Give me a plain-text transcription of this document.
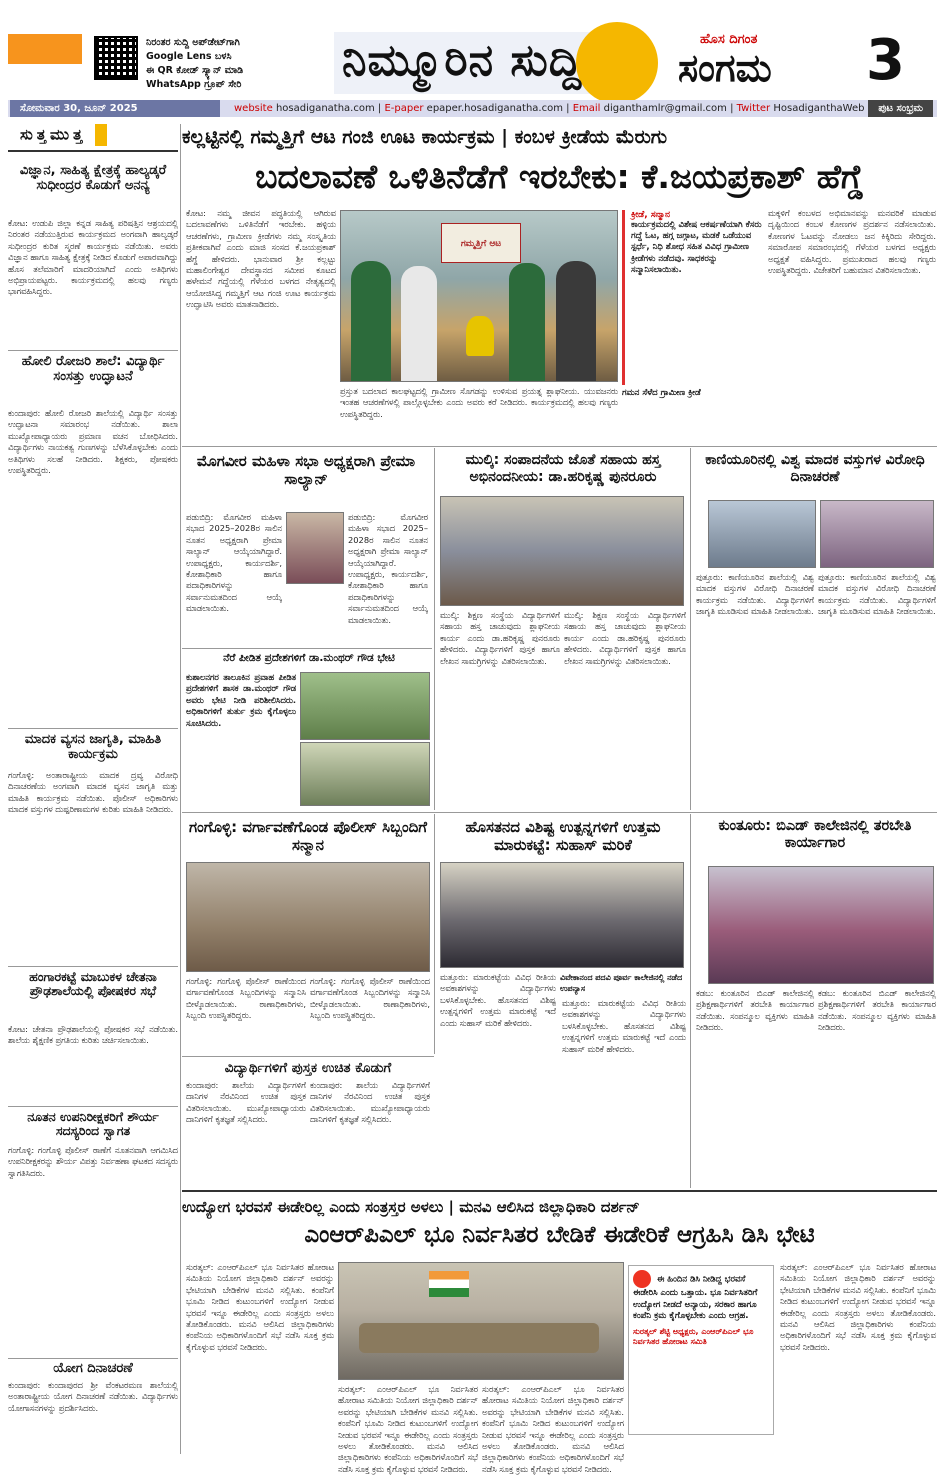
ನಿರಂತರ ಸುದ್ದಿ ಅಪ್‌ಡೇಟ್‌ಗಾಗಿ
Google Lens ಬಳಸಿ
ಈ QR ಕೋಡ್ ಸ್ಕ್ಯಾನ್ ಮಾಡಿ
WhatsApp ಗ್ರೂಪ್ ಸೇರಿ	ನಿಮ್ಮೂರಿನ ಸುದ್ದಿ	ಹೊಸ ದಿಗಂತ
ಸಂಗಮ 3
ಸೋಮವಾರ 30, ಜೂನ್ 2025	website hosadiganatha.com | E-paper epaper.hosadiganatha.com | Email diganthamlr@gmail.com | Twitter HosadiganthaWeb	ಪುಟ ಸಂಭ್ರಮ
ಸುತ್ತಮುತ್ತ
ವಿಜ್ಞಾನ, ಸಾಹಿತ್ಯ ಕ್ಷೇತ್ರಕ್ಕೆ ಹಾಲ್ಯಡ್ಕರೆ ಸುಧೀಂದ್ರರ ಕೊಡುಗೆ ಅನನ್ಯ
ಕೋಟ: ಉಡುಪಿ ಜಿಲ್ಲಾ ಕನ್ನಡ ಸಾಹಿತ್ಯ ಪರಿಷತ್ತಿನ ಆಶ್ರಯದಲ್ಲಿ ನಿರಂತರ ನಡೆಯುತ್ತಿರುವ ಕಾರ್ಯಕ್ರಮದ ಅಂಗವಾಗಿ ಹಾಲ್ಯಡ್ಕರೆ ಸುಧೀಂದ್ರರ ಕುರಿತ ಸ್ಮರಣೆ ಕಾರ್ಯಕ್ರಮ ನಡೆಯಿತು. ಅವರು ವಿಜ್ಞಾನ ಹಾಗೂ ಸಾಹಿತ್ಯ ಕ್ಷೇತ್ರಕ್ಕೆ ನೀಡಿದ ಕೊಡುಗೆ ಅಪಾರವಾಗಿದ್ದು ಹೊಸ ತಲೆಮಾರಿಗೆ ಮಾದರಿಯಾಗಿದೆ ಎಂದು ಅತಿಥಿಗಳು ಅಭಿಪ್ರಾಯಪಟ್ಟರು. ಕಾರ್ಯಕ್ರಮದಲ್ಲಿ ಹಲವು ಗಣ್ಯರು ಭಾಗವಹಿಸಿದ್ದರು.
ಹೋಲಿ ರೋಜರಿ ಶಾಲೆ: ವಿದ್ಯಾರ್ಥಿ ಸಂಸತ್ತು ಉದ್ಘಾಟನೆ
ಕುಂದಾಪುರ: ಹೋಲಿ ರೋಜರಿ ಶಾಲೆಯಲ್ಲಿ ವಿದ್ಯಾರ್ಥಿ ಸಂಸತ್ತು ಉದ್ಘಾಟನಾ ಸಮಾರಂಭ ನಡೆಯಿತು. ಶಾಲಾ ಮುಖ್ಯೋಪಾಧ್ಯಾಯರು ಪ್ರಮಾಣ ವಚನ ಬೋಧಿಸಿದರು. ವಿದ್ಯಾರ್ಥಿಗಳು ನಾಯಕತ್ವ ಗುಣಗಳನ್ನು ಬೆಳೆಸಿಕೊಳ್ಳಬೇಕು ಎಂದು ಅತಿಥಿಗಳು ಸಲಹೆ ನೀಡಿದರು. ಶಿಕ್ಷಕರು, ಪೋಷಕರು ಉಪಸ್ಥಿತರಿದ್ದರು.
ಮಾದಕ ವ್ಯಸನ ಜಾಗೃತಿ, ಮಾಹಿತಿ ಕಾರ್ಯಕ್ರಮ
ಗಂಗೊಳ್ಳಿ: ಅಂತಾರಾಷ್ಟ್ರೀಯ ಮಾದಕ ದ್ರವ್ಯ ವಿರೋಧಿ ದಿನಾಚರಣೆಯ ಅಂಗವಾಗಿ ಮಾದಕ ವ್ಯಸನ ಜಾಗೃತಿ ಮತ್ತು ಮಾಹಿತಿ ಕಾರ್ಯಕ್ರಮ ನಡೆಯಿತು. ಪೊಲೀಸ್ ಅಧಿಕಾರಿಗಳು ಮಾದಕ ವಸ್ತುಗಳ ದುಷ್ಪರಿಣಾಮಗಳ ಕುರಿತು ಮಾಹಿತಿ ನೀಡಿದರು.
ಹಂಗಾರಕಟ್ಟೆ ಮಾಬುಕಳ ಚೇತನಾ ಪ್ರೌಢಶಾಲೆಯಲ್ಲಿ ಪೋಷಕರ ಸಭೆ
ಕೋಟ: ಚೇತನಾ ಪ್ರೌಢಶಾಲೆಯಲ್ಲಿ ಪೋಷಕರ ಸಭೆ ನಡೆಯಿತು. ಶಾಲೆಯ ಶೈಕ್ಷಣಿಕ ಪ್ರಗತಿಯ ಕುರಿತು ಚರ್ಚಿಸಲಾಯಿತು.
ನೂತನ ಉಪನಿರೀಕ್ಷಕರಿಗೆ ಶೌರ್ಯ ಸದಸ್ಯರಿಂದ ಸ್ವಾಗತ
ಗಂಗೊಳ್ಳಿ: ಗಂಗೊಳ್ಳಿ ಪೊಲೀಸ್ ಠಾಣೆಗೆ ನೂತನವಾಗಿ ಆಗಮಿಸಿದ ಉಪನಿರೀಕ್ಷಕರನ್ನು ಶೌರ್ಯ ವಿಪತ್ತು ನಿರ್ವಹಣಾ ಘಟಕದ ಸದಸ್ಯರು ಸ್ವಾಗತಿಸಿದರು.
ಯೋಗ ದಿನಾಚರಣೆ
ಕುಂದಾಪುರ: ಕುಂದಾಪುರದ ಶ್ರೀ ವೆಂಕಟರಮಣ ಶಾಲೆಯಲ್ಲಿ ಅಂತಾರಾಷ್ಟ್ರೀಯ ಯೋಗ ದಿನಾಚರಣೆ ನಡೆಯಿತು. ವಿದ್ಯಾರ್ಥಿಗಳು ಯೋಗಾಸನಗಳನ್ನು ಪ್ರದರ್ಶಿಸಿದರು.
ಕಲ್ಲಟ್ಟಿನಲ್ಲಿ ಗಮ್ಮತ್ತಿಗೆ ಆಟ ಗಂಜಿ ಊಟ ಕಾರ್ಯಕ್ರಮ | ಕಂಬಳ ಕ್ರೀಡೆಯ ಮೆರುಗು
ಬದಲಾವಣೆ ಒಳಿತಿನೆಡೆಗೆ ಇರಬೇಕು: ಕೆ.ಜಯಪ್ರಕಾಶ್ ಹೆಗ್ಡೆ
ಕೋಟ: ನಮ್ಮ ಜೀವನ ಪದ್ಧತಿಯಲ್ಲಿ ಆಗಿರುವ ಬದಲಾವಣೆಗಳು ಒಳಿತಿನೆಡೆಗೆ ಇರಬೇಕು. ಹಳ್ಳಿಯ ಆಚರಣೆಗಳು, ಗ್ರಾಮೀಣ ಕ್ರೀಡೆಗಳು ನಮ್ಮ ಸಂಸ್ಕೃತಿಯ ಪ್ರತೀಕವಾಗಿವೆ ಎಂದು ಮಾಜಿ ಸಂಸದ ಕೆ.ಜಯಪ್ರಕಾಶ್ ಹೆಗ್ಡೆ ಹೇಳಿದರು. ಭಾನುವಾರ ಶ್ರೀ ಕಲ್ಲಟ್ಟು ಮಹಾಲಿಂಗೇಶ್ವರ ದೇವಸ್ಥಾನದ ಸಮೀಪ ಕೂಟದ ಹಳೇಮನೆ ಗದ್ದೆಯಲ್ಲಿ ಗೆಳೆಯರ ಬಳಗದ ನೇತೃತ್ವದಲ್ಲಿ ಆಯೋಜಿಸಿದ್ದ ಗಮ್ಮತ್ತಿಗೆ ಆಟ ಗಂಜಿ ಊಟ ಕಾರ್ಯಕ್ರಮ ಉದ್ಘಾಟಿಸಿ ಅವರು ಮಾತನಾಡಿದರು.
ಗಮ್ಮತ್ತಿಗೆ ಆಟ
ಕ್ರೀಡೆ, ಸನ್ಮಾನ
ಕಾರ್ಯಕ್ರಮದಲ್ಲಿ ವಿಶೇಷ ಆಕರ್ಷಣೆಯಾಗಿ ಕೆಸರು ಗದ್ದೆ ಓಟ, ಹಗ್ಗ ಜಗ್ಗಾಟ, ಮಡಕೆ ಒಡೆಯುವ ಸ್ಪರ್ಧೆ, ನಿಧಿ ಶೋಧ ಸಹಿತ ವಿವಿಧ ಗ್ರಾಮೀಣ ಕ್ರೀಡೆಗಳು ನಡೆದವು. ಸಾಧಕರನ್ನು ಸನ್ಮಾನಿಸಲಾಯಿತು.
ಪ್ರಸ್ತುತ ಬದಲಾದ ಕಾಲಘಟ್ಟದಲ್ಲಿ ಗ್ರಾಮೀಣ ಸೊಗಡನ್ನು ಉಳಿಸುವ ಪ್ರಯತ್ನ ಶ್ಲಾಘನೀಯ. ಯುವಜನರು ಇಂತಹ ಆಚರಣೆಗಳಲ್ಲಿ ಪಾಲ್ಗೊಳ್ಳಬೇಕು ಎಂದು ಅವರು ಕರೆ ನೀಡಿದರು. ಕಾರ್ಯಕ್ರಮದಲ್ಲಿ ಹಲವು ಗಣ್ಯರು ಉಪಸ್ಥಿತರಿದ್ದರು.
ಗಮನ ಸೆಳೆದ ಗ್ರಾಮೀಣ ಕ್ರೀಡೆ
ಮಕ್ಕಳಿಗೆ ಕಂಬಳದ ಅಭಿಮಾನವನ್ನು ಮನವರಿಕೆ ಮಾಡುವ ದೃಷ್ಟಿಯಿಂದ ಕಂಬಳ ಕೋಣಗಳ ಪ್ರದರ್ಶನ ನಡೆಸಲಾಯಿತು. ಕೋಣಗಳ ಓಟವನ್ನು ನೋಡಲು ಜನ ಕಿಕ್ಕಿರಿದು ಸೇರಿದ್ದರು. ಸಮಾರೋಪ ಸಮಾರಂಭದಲ್ಲಿ ಗೆಳೆಯರ ಬಳಗದ ಅಧ್ಯಕ್ಷರು ಅಧ್ಯಕ್ಷತೆ ವಹಿಸಿದ್ದರು. ಪ್ರಮುಖರಾದ ಹಲವು ಗಣ್ಯರು ಉಪಸ್ಥಿತರಿದ್ದರು. ವಿಜೇತರಿಗೆ ಬಹುಮಾನ ವಿತರಿಸಲಾಯಿತು.
ಮೊಗವೀರ ಮಹಿಳಾ ಸಭಾ ಅಧ್ಯಕ್ಷರಾಗಿ ಪ್ರೇಮಾ ಸಾಲ್ಯಾನ್
ಪಡುಬಿದ್ರಿ: ಮೊಗವೀರ ಮಹಿಳಾ ಸಭಾದ 2025–2028ರ ಸಾಲಿನ ನೂತನ ಅಧ್ಯಕ್ಷರಾಗಿ ಪ್ರೇಮಾ ಸಾಲ್ಯಾನ್ ಆಯ್ಕೆಯಾಗಿದ್ದಾರೆ. ಉಪಾಧ್ಯಕ್ಷರು, ಕಾರ್ಯದರ್ಶಿ, ಕೋಶಾಧಿಕಾರಿ ಹಾಗೂ ಪದಾಧಿಕಾರಿಗಳನ್ನು ಸರ್ವಾನುಮತದಿಂದ ಆಯ್ಕೆ ಮಾಡಲಾಯಿತು.
ಪಡುಬಿದ್ರಿ: ಮೊಗವೀರ ಮಹಿಳಾ ಸಭಾದ 2025–2028ರ ಸಾಲಿನ ನೂತನ ಅಧ್ಯಕ್ಷರಾಗಿ ಪ್ರೇಮಾ ಸಾಲ್ಯಾನ್ ಆಯ್ಕೆಯಾಗಿದ್ದಾರೆ. ಉಪಾಧ್ಯಕ್ಷರು, ಕಾರ್ಯದರ್ಶಿ, ಕೋಶಾಧಿಕಾರಿ ಹಾಗೂ ಪದಾಧಿಕಾರಿಗಳನ್ನು ಸರ್ವಾನುಮತದಿಂದ ಆಯ್ಕೆ ಮಾಡಲಾಯಿತು.
ನೆರೆ ಪೀಡಿತ ಪ್ರದೇಶಗಳಿಗೆ ಡಾ.ಮಂಥರ್ ಗೌಡ ಭೇಟಿ
ಕುಶಾಲನಗರ ತಾಲೂಕಿನ ಪ್ರವಾಹ ಪೀಡಿತ ಪ್ರದೇಶಗಳಿಗೆ ಶಾಸಕ ಡಾ.ಮಂಥರ್ ಗೌಡ ಅವರು ಭೇಟಿ ನೀಡಿ ಪರಿಶೀಲಿಸಿದರು. ಅಧಿಕಾರಿಗಳಿಗೆ ತುರ್ತು ಕ್ರಮ ಕೈಗೊಳ್ಳಲು ಸೂಚಿಸಿದರು.
ಮುಲ್ಕಿ: ಸಂಪಾದನೆಯ ಜೊತೆ ಸಹಾಯ ಹಸ್ತ ಅಭಿನಂದನೀಯ: ಡಾ.ಹರಿಕೃಷ್ಣ ಪುನರೂರು
ಮುಲ್ಕಿ: ಶಿಕ್ಷಣ ಸಂಸ್ಥೆಯ ವಿದ್ಯಾರ್ಥಿಗಳಿಗೆ ಸಹಾಯ ಹಸ್ತ ಚಾಚುವುದು ಶ್ಲಾಘನೀಯ ಕಾರ್ಯ ಎಂದು ಡಾ.ಹರಿಕೃಷ್ಣ ಪುನರೂರು ಹೇಳಿದರು. ವಿದ್ಯಾರ್ಥಿಗಳಿಗೆ ಪುಸ್ತಕ ಹಾಗೂ ಲೇಖನ ಸಾಮಗ್ರಿಗಳನ್ನು ವಿತರಿಸಲಾಯಿತು.
ಮುಲ್ಕಿ: ಶಿಕ್ಷಣ ಸಂಸ್ಥೆಯ ವಿದ್ಯಾರ್ಥಿಗಳಿಗೆ ಸಹಾಯ ಹಸ್ತ ಚಾಚುವುದು ಶ್ಲಾಘನೀಯ ಕಾರ್ಯ ಎಂದು ಡಾ.ಹರಿಕೃಷ್ಣ ಪುನರೂರು ಹೇಳಿದರು. ವಿದ್ಯಾರ್ಥಿಗಳಿಗೆ ಪುಸ್ತಕ ಹಾಗೂ ಲೇಖನ ಸಾಮಗ್ರಿಗಳನ್ನು ವಿತರಿಸಲಾಯಿತು.
ಕಾಣಿಯೂರಿನಲ್ಲಿ ವಿಶ್ವ ಮಾದಕ ವಸ್ತುಗಳ ವಿರೋಧಿ ದಿನಾಚರಣೆ
ಪುತ್ತೂರು: ಕಾಣಿಯೂರಿನ ಶಾಲೆಯಲ್ಲಿ ವಿಶ್ವ ಮಾದಕ ವಸ್ತುಗಳ ವಿರೋಧಿ ದಿನಾಚರಣೆ ಕಾರ್ಯಕ್ರಮ ನಡೆಯಿತು. ವಿದ್ಯಾರ್ಥಿಗಳಿಗೆ ಜಾಗೃತಿ ಮೂಡಿಸುವ ಮಾಹಿತಿ ನೀಡಲಾಯಿತು.
ಪುತ್ತೂರು: ಕಾಣಿಯೂರಿನ ಶಾಲೆಯಲ್ಲಿ ವಿಶ್ವ ಮಾದಕ ವಸ್ತುಗಳ ವಿರೋಧಿ ದಿನಾಚರಣೆ ಕಾರ್ಯಕ್ರಮ ನಡೆಯಿತು. ವಿದ್ಯಾರ್ಥಿಗಳಿಗೆ ಜಾಗೃತಿ ಮೂಡಿಸುವ ಮಾಹಿತಿ ನೀಡಲಾಯಿತು.
ಗಂಗೊಳ್ಳಿ: ವರ್ಗಾವಣೆಗೊಂಡ ಪೊಲೀಸ್ ಸಿಬ್ಬಂದಿಗೆ ಸನ್ಮಾನ
ಗಂಗೊಳ್ಳಿ: ಗಂಗೊಳ್ಳಿ ಪೊಲೀಸ್ ಠಾಣೆಯಿಂದ ವರ್ಗಾವಣೆಗೊಂಡ ಸಿಬ್ಬಂದಿಗಳನ್ನು ಸನ್ಮಾನಿಸಿ ಬೀಳ್ಕೊಡಲಾಯಿತು. ಠಾಣಾಧಿಕಾರಿಗಳು, ಸಿಬ್ಬಂದಿ ಉಪಸ್ಥಿತರಿದ್ದರು.
ಗಂಗೊಳ್ಳಿ: ಗಂಗೊಳ್ಳಿ ಪೊಲೀಸ್ ಠಾಣೆಯಿಂದ ವರ್ಗಾವಣೆಗೊಂಡ ಸಿಬ್ಬಂದಿಗಳನ್ನು ಸನ್ಮಾನಿಸಿ ಬೀಳ್ಕೊಡಲಾಯಿತು. ಠಾಣಾಧಿಕಾರಿಗಳು, ಸಿಬ್ಬಂದಿ ಉಪಸ್ಥಿತರಿದ್ದರು.
ಹೊಸತನದ ವಿಶಿಷ್ಟ ಉತ್ಪನ್ನಗಳಿಗೆ ಉತ್ತಮ ಮಾರುಕಟ್ಟೆ: ಸುಹಾಸ್ ಮರಿಕೆ
ವಿವೇಕಾನಂದ ಪದವಿ ಪೂರ್ವ ಕಾಲೇಜಿನಲ್ಲಿ ನಡೆದ ಉಪನ್ಯಾಸ
ಮತ್ತೂರು: ಮಾರುಕಟ್ಟೆಯ ವಿವಿಧ ರೀತಿಯ ಅವಕಾಶಗಳನ್ನು ವಿದ್ಯಾರ್ಥಿಗಳು ಬಳಸಿಕೊಳ್ಳಬೇಕು. ಹೊಸತನದ ವಿಶಿಷ್ಟ ಉತ್ಪನ್ನಗಳಿಗೆ ಉತ್ತಮ ಮಾರುಕಟ್ಟೆ ಇದೆ ಎಂದು ಸುಹಾಸ್ ಮರಿಕೆ ಹೇಳಿದರು.
ಮತ್ತೂರು: ಮಾರುಕಟ್ಟೆಯ ವಿವಿಧ ರೀತಿಯ ಅವಕಾಶಗಳನ್ನು ವಿದ್ಯಾರ್ಥಿಗಳು ಬಳಸಿಕೊಳ್ಳಬೇಕು. ಹೊಸತನದ ವಿಶಿಷ್ಟ ಉತ್ಪನ್ನಗಳಿಗೆ ಉತ್ತಮ ಮಾರುಕಟ್ಟೆ ಇದೆ ಎಂದು ಸುಹಾಸ್ ಮರಿಕೆ ಹೇಳಿದರು.
ಕುಂತೂರು: ಬಿಎಡ್ ಕಾಲೇಜಿನಲ್ಲಿ ತರಬೇತಿ ಕಾರ್ಯಾಗಾರ
ಕಡಬ: ಕುಂತೂರಿನ ಬಿಎಡ್ ಕಾಲೇಜಿನಲ್ಲಿ ಪ್ರಶಿಕ್ಷಣಾರ್ಥಿಗಳಿಗೆ ತರಬೇತಿ ಕಾರ್ಯಾಗಾರ ನಡೆಯಿತು. ಸಂಪನ್ಮೂಲ ವ್ಯಕ್ತಿಗಳು ಮಾಹಿತಿ ನೀಡಿದರು.
ಕಡಬ: ಕುಂತೂರಿನ ಬಿಎಡ್ ಕಾಲೇಜಿನಲ್ಲಿ ಪ್ರಶಿಕ್ಷಣಾರ್ಥಿಗಳಿಗೆ ತರಬೇತಿ ಕಾರ್ಯಾಗಾರ ನಡೆಯಿತು. ಸಂಪನ್ಮೂಲ ವ್ಯಕ್ತಿಗಳು ಮಾಹಿತಿ ನೀಡಿದರು.
ವಿದ್ಯಾರ್ಥಿಗಳಿಗೆ ಪುಸ್ತಕ ಉಚಿತ ಕೊಡುಗೆ
ಕುಂದಾಪುರ: ಶಾಲೆಯ ವಿದ್ಯಾರ್ಥಿಗಳಿಗೆ ದಾನಿಗಳ ನೆರವಿನಿಂದ ಉಚಿತ ಪುಸ್ತಕ ವಿತರಿಸಲಾಯಿತು. ಮುಖ್ಯೋಪಾಧ್ಯಾಯರು ದಾನಿಗಳಿಗೆ ಕೃತಜ್ಞತೆ ಸಲ್ಲಿಸಿದರು.
ಕುಂದಾಪುರ: ಶಾಲೆಯ ವಿದ್ಯಾರ್ಥಿಗಳಿಗೆ ದಾನಿಗಳ ನೆರವಿನಿಂದ ಉಚಿತ ಪುಸ್ತಕ ವಿತರಿಸಲಾಯಿತು. ಮುಖ್ಯೋಪಾಧ್ಯಾಯರು ದಾನಿಗಳಿಗೆ ಕೃತಜ್ಞತೆ ಸಲ್ಲಿಸಿದರು.
ಉದ್ಯೋಗ ಭರವಸೆ ಈಡೇರಿಲ್ಲ ಎಂದು ಸಂತ್ರಸ್ತರ ಅಳಲು | ಮನವಿ ಆಲಿಸಿದ ಜಿಲ್ಲಾಧಿಕಾರಿ ದರ್ಶನ್
ಎಂಆರ್‌ಪಿಎಲ್ ಭೂ ನಿರ್ವಸಿತರ ಬೇಡಿಕೆ ಈಡೇರಿಕೆ ಆಗ್ರಹಿಸಿ ಡಿಸಿ ಭೇಟಿ
ಸುರತ್ಕಲ್: ಎಂಆರ್‌ಪಿಎಲ್ ಭೂ ನಿರ್ವಸಿತರ ಹೋರಾಟ ಸಮಿತಿಯ ನಿಯೋಗ ಜಿಲ್ಲಾಧಿಕಾರಿ ದರ್ಶನ್ ಅವರನ್ನು ಭೇಟಿಯಾಗಿ ಬೇಡಿಕೆಗಳ ಮನವಿ ಸಲ್ಲಿಸಿತು. ಕಂಪೆನಿಗೆ ಭೂಮಿ ನೀಡಿದ ಕುಟುಂಬಗಳಿಗೆ ಉದ್ಯೋಗ ನೀಡುವ ಭರವಸೆ ಇನ್ನೂ ಈಡೇರಿಲ್ಲ ಎಂದು ಸಂತ್ರಸ್ತರು ಅಳಲು ತೋಡಿಕೊಂಡರು. ಮನವಿ ಆಲಿಸಿದ ಜಿಲ್ಲಾಧಿಕಾರಿಗಳು ಕಂಪೆನಿಯ ಅಧಿಕಾರಿಗಳೊಂದಿಗೆ ಸಭೆ ನಡೆಸಿ ಸೂಕ್ತ ಕ್ರಮ ಕೈಗೊಳ್ಳುವ ಭರವಸೆ ನೀಡಿದರು.
ಸುರತ್ಕಲ್: ಎಂಆರ್‌ಪಿಎಲ್ ಭೂ ನಿರ್ವಸಿತರ ಹೋರಾಟ ಸಮಿತಿಯ ನಿಯೋಗ ಜಿಲ್ಲಾಧಿಕಾರಿ ದರ್ಶನ್ ಅವರನ್ನು ಭೇಟಿಯಾಗಿ ಬೇಡಿಕೆಗಳ ಮನವಿ ಸಲ್ಲಿಸಿತು. ಕಂಪೆನಿಗೆ ಭೂಮಿ ನೀಡಿದ ಕುಟುಂಬಗಳಿಗೆ ಉದ್ಯೋಗ ನೀಡುವ ಭರವಸೆ ಇನ್ನೂ ಈಡೇರಿಲ್ಲ ಎಂದು ಸಂತ್ರಸ್ತರು ಅಳಲು ತೋಡಿಕೊಂಡರು. ಮನವಿ ಆಲಿಸಿದ ಜಿಲ್ಲಾಧಿಕಾರಿಗಳು ಕಂಪೆನಿಯ ಅಧಿಕಾರಿಗಳೊಂದಿಗೆ ಸಭೆ ನಡೆಸಿ ಸೂಕ್ತ ಕ್ರಮ ಕೈಗೊಳ್ಳುವ ಭರವಸೆ ನೀಡಿದರು.
ಸುರತ್ಕಲ್: ಎಂಆರ್‌ಪಿಎಲ್ ಭೂ ನಿರ್ವಸಿತರ ಹೋರಾಟ ಸಮಿತಿಯ ನಿಯೋಗ ಜಿಲ್ಲಾಧಿಕಾರಿ ದರ್ಶನ್ ಅವರನ್ನು ಭೇಟಿಯಾಗಿ ಬೇಡಿಕೆಗಳ ಮನವಿ ಸಲ್ಲಿಸಿತು. ಕಂಪೆನಿಗೆ ಭೂಮಿ ನೀಡಿದ ಕುಟುಂಬಗಳಿಗೆ ಉದ್ಯೋಗ ನೀಡುವ ಭರವಸೆ ಇನ್ನೂ ಈಡೇರಿಲ್ಲ ಎಂದು ಸಂತ್ರಸ್ತರು ಅಳಲು ತೋಡಿಕೊಂಡರು. ಮನವಿ ಆಲಿಸಿದ ಜಿಲ್ಲಾಧಿಕಾರಿಗಳು ಕಂಪೆನಿಯ ಅಧಿಕಾರಿಗಳೊಂದಿಗೆ ಸಭೆ ನಡೆಸಿ ಸೂಕ್ತ ಕ್ರಮ ಕೈಗೊಳ್ಳುವ ಭರವಸೆ ನೀಡಿದರು.
ಈ ಹಿಂದಿನ ಡಿಸಿ ನೀಡಿದ್ದ ಭರವಸೆ ಈಡೇರಿಸಿ ಎಂದು ಒತ್ತಾಯ. ಭೂ ನಿರ್ವಸಿತರಿಗೆ ಉದ್ಯೋಗ ನೀಡದೆ ಅನ್ಯಾಯ, ಸರಕಾರ ಹಾಗೂ ಕಂಪೆನಿ ಕ್ರಮ ಕೈಗೊಳ್ಳಬೇಕು ಎಂದು ಆಗ್ರಹ.
ಸುರತ್ಕಲ್ ಶೆಟ್ಟಿ ಅಧ್ಯಕ್ಷರು, ಎಂಆರ್‌ಪಿಎಲ್ ಭೂ ನಿರ್ವಸಿತರ ಹೋರಾಟ ಸಮಿತಿ
ಸುರತ್ಕಲ್: ಎಂಆರ್‌ಪಿಎಲ್ ಭೂ ನಿರ್ವಸಿತರ ಹೋರಾಟ ಸಮಿತಿಯ ನಿಯೋಗ ಜಿಲ್ಲಾಧಿಕಾರಿ ದರ್ಶನ್ ಅವರನ್ನು ಭೇಟಿಯಾಗಿ ಬೇಡಿಕೆಗಳ ಮನವಿ ಸಲ್ಲಿಸಿತು. ಕಂಪೆನಿಗೆ ಭೂಮಿ ನೀಡಿದ ಕುಟುಂಬಗಳಿಗೆ ಉದ್ಯೋಗ ನೀಡುವ ಭರವಸೆ ಇನ್ನೂ ಈಡೇರಿಲ್ಲ ಎಂದು ಸಂತ್ರಸ್ತರು ಅಳಲು ತೋಡಿಕೊಂಡರು. ಮನವಿ ಆಲಿಸಿದ ಜಿಲ್ಲಾಧಿಕಾರಿಗಳು ಕಂಪೆನಿಯ ಅಧಿಕಾರಿಗಳೊಂದಿಗೆ ಸಭೆ ನಡೆಸಿ ಸೂಕ್ತ ಕ್ರಮ ಕೈಗೊಳ್ಳುವ ಭರವಸೆ ನೀಡಿದರು.
